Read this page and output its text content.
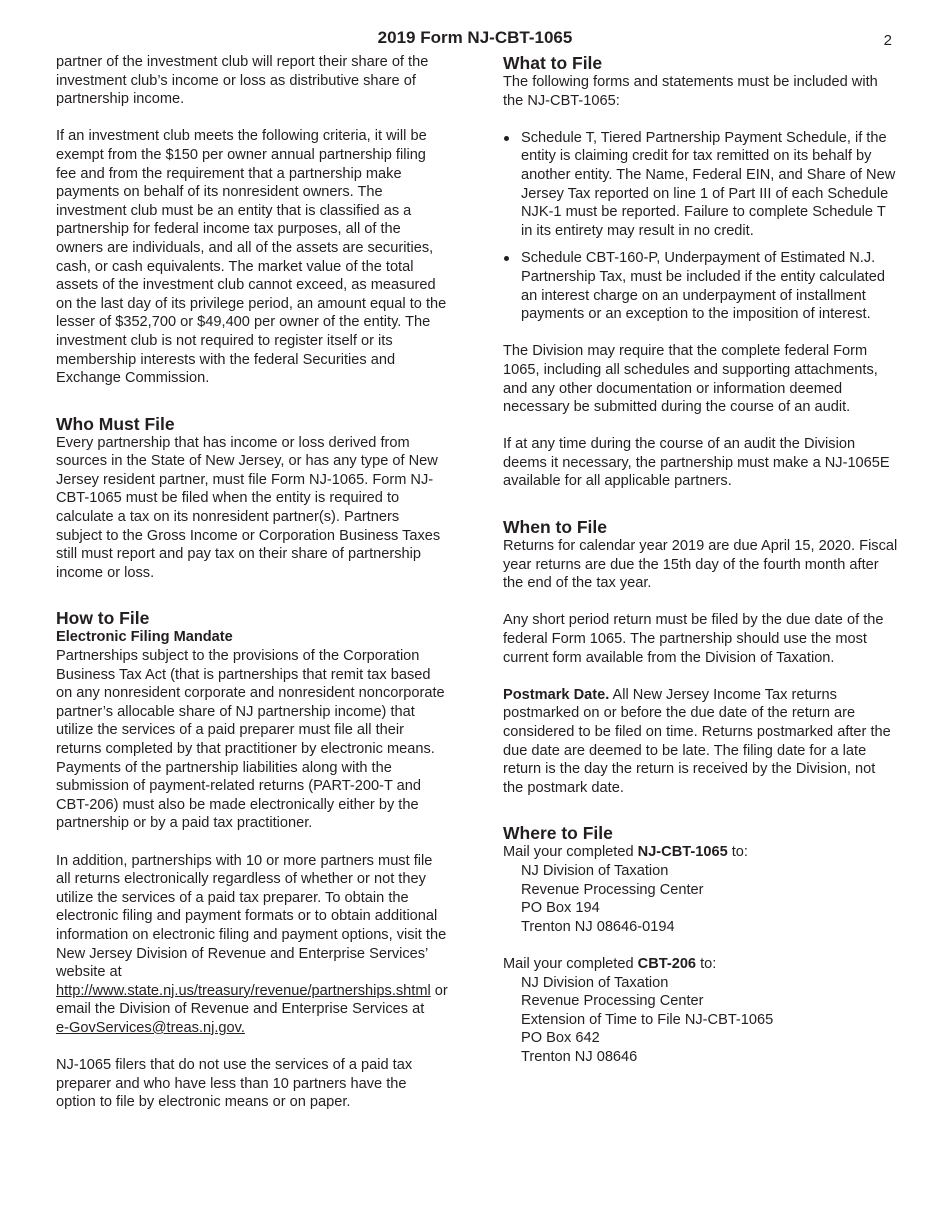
2019 Form NJ-CBT-1065	2

partner of the investment club will report their share of the investment club’s income or loss as distributive share of partnership income.

If an investment club meets the following criteria, it will be exempt from the $150 per owner annual partnership filing fee and from the requirement that a partnership make payments on behalf of its nonresident owners. The investment club must be an entity that is classified as a partnership for federal income tax purposes, all of the owners are individuals, and all of the assets are securities, cash, or cash equivalents. The market value of the total assets of the investment club cannot exceed, as measured on the last day of its privilege period, an amount equal to the lesser of $352,700 or $49,400 per owner of the entity. The investment club is not required to register itself or its membership interests with the federal Securities and Exchange Commission.

Who Must File

Every partnership that has income or loss derived from sources in the State of New Jersey, or has any type of New Jersey resident partner, must file Form NJ-1065. Form NJ-CBT-1065 must be filed when the entity is required to calculate a tax on its nonresident partner(s). Partners subject to the Gross Income or Corporation Business Taxes still must report and pay tax on their share of partnership income or loss.

How to File
Electronic Filing Mandate

Partnerships subject to the provisions of the Corporation Business Tax Act (that is partnerships that remit tax based on any nonresident corporate and nonresident noncorporate partner’s allocable share of NJ partnership income) that utilize the services of a paid preparer must file all their returns completed by that practitioner by electronic means. Payments of the partnership liabilities along with the submission of payment-related returns (PART-200-T and CBT-206) must also be made electronically either by the partnership or by a paid tax practitioner.

In addition, partnerships with 10 or more partners must file all returns electronically regardless of whether or not they utilize the services of a paid tax preparer. To obtain the electronic filing and payment formats or to obtain additional information on electronic filing and payment options, visit the New Jersey Division of Revenue and Enterprise Services’ website at http://www.state.nj.us/treasury/revenue/partnerships.shtml or email the Division of Revenue and Enterprise Services at e-GovServices@treas.nj.gov.

NJ-1065 filers that do not use the services of a paid tax preparer and who have less than 10 partners have the option to file by electronic means or on paper.

What to File

The following forms and statements must be included with the NJ-CBT-1065:

Schedule T, Tiered Partnership Payment Schedule, if the entity is claiming credit for tax remitted on its behalf by another entity. The Name, Federal EIN, and Share of New Jersey Tax reported on line 1 of Part III of each Schedule NJK-1 must be reported. Failure to complete Schedule T in its entirety may result in no credit.
Schedule CBT-160-P, Underpayment of Estimated N.J. Partnership Tax, must be included if the entity calculated an interest charge on an underpayment of installment payments or an exception to the imposition of interest.

The Division may require that the complete federal Form 1065, including all schedules and supporting attachments, and any other documentation or information deemed necessary be submitted during the course of an audit.

If at any time during the course of an audit the Division deems it necessary, the partnership must make a NJ-1065E available for all applicable partners.

When to File

Returns for calendar year 2019 are due April 15, 2020. Fiscal year returns are due the 15th day of the fourth month after the end of the tax year.

Any short period return must be filed by the due date of the federal Form 1065. The partnership should use the most current form available from the Division of Taxation.

Postmark Date. All New Jersey Income Tax returns postmarked on or before the due date of the return are considered to be filed on time. Returns postmarked after the due date are deemed to be late. The filing date for a late return is the day the return is received by the Division, not the postmark date.

Where to File

Mail your completed NJ-CBT-1065 to:

NJ Division of Taxation
Revenue Processing Center
PO Box 194
Trenton NJ 08646-0194

Mail your completed CBT-206 to:

NJ Division of Taxation
Revenue Processing Center
Extension of Time to File NJ-CBT-1065
PO Box 642
Trenton NJ 08646
